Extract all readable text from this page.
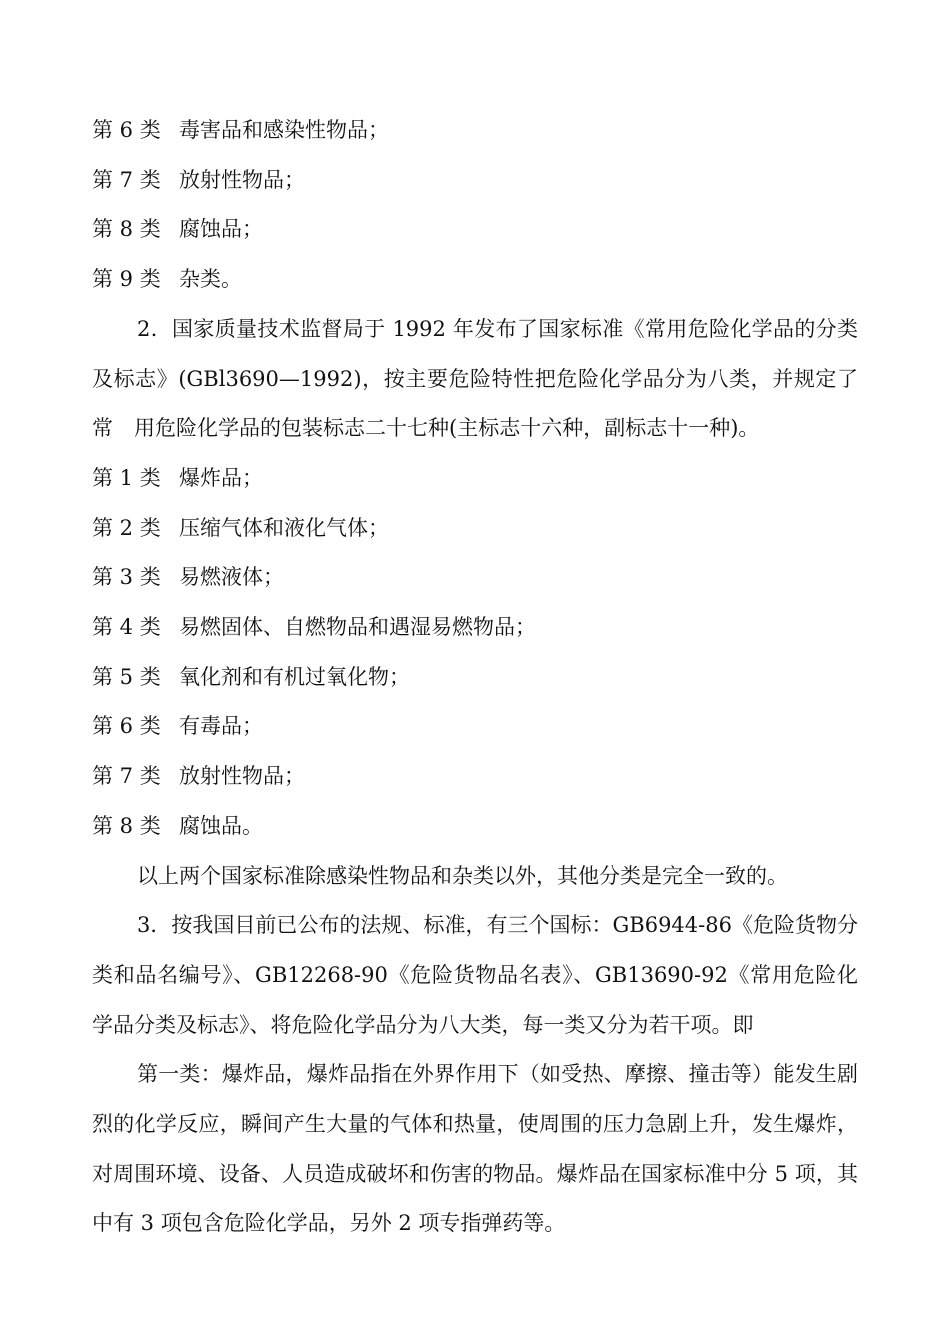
第 6 类 毒害品和感染性物品；

第 7 类 放射性物品；

第 8 类 腐蚀品；

第 9 类 杂类。

2．国家质量技术监督局于 1992 年发布了国家标准《常用危险化学品的分类及标志》(GBl3690—1992)，按主要危险特性把危险化学品分为八类，并规定了常　用危险化学品的包装标志二十七种(主标志十六种，副标志十一种)。

第 1 类 爆炸品；

第 2 类 压缩气体和液化气体；

第 3 类 易燃液体；

第 4 类 易燃固体、自燃物品和遇湿易燃物品；

第 5 类 氧化剂和有机过氧化物；

第 6 类 有毒品；

第 7 类 放射性物品；

第 8 类 腐蚀品。

以上两个国家标准除感染性物品和杂类以外，其他分类是完全一致的。

3．按我国目前已公布的法规、标准，有三个国标：GB6944-86《危险货物分类和品名编号》、GB12268-90《危险货物品名表》、GB13690-92《常用危险化学品分类及标志》、将危险化学品分为八大类，每一类又分为若干项。即

第一类：爆炸品，爆炸品指在外界作用下（如受热、摩擦、撞击等）能发生剧烈的化学反应，瞬间产生大量的气体和热量，使周围的压力急剧上升，发生爆炸，对周围环境、设备、人员造成破坏和伤害的物品。爆炸品在国家标准中分 5 项，其中有 3 项包含危险化学品，另外 2 项专指弹药等。
